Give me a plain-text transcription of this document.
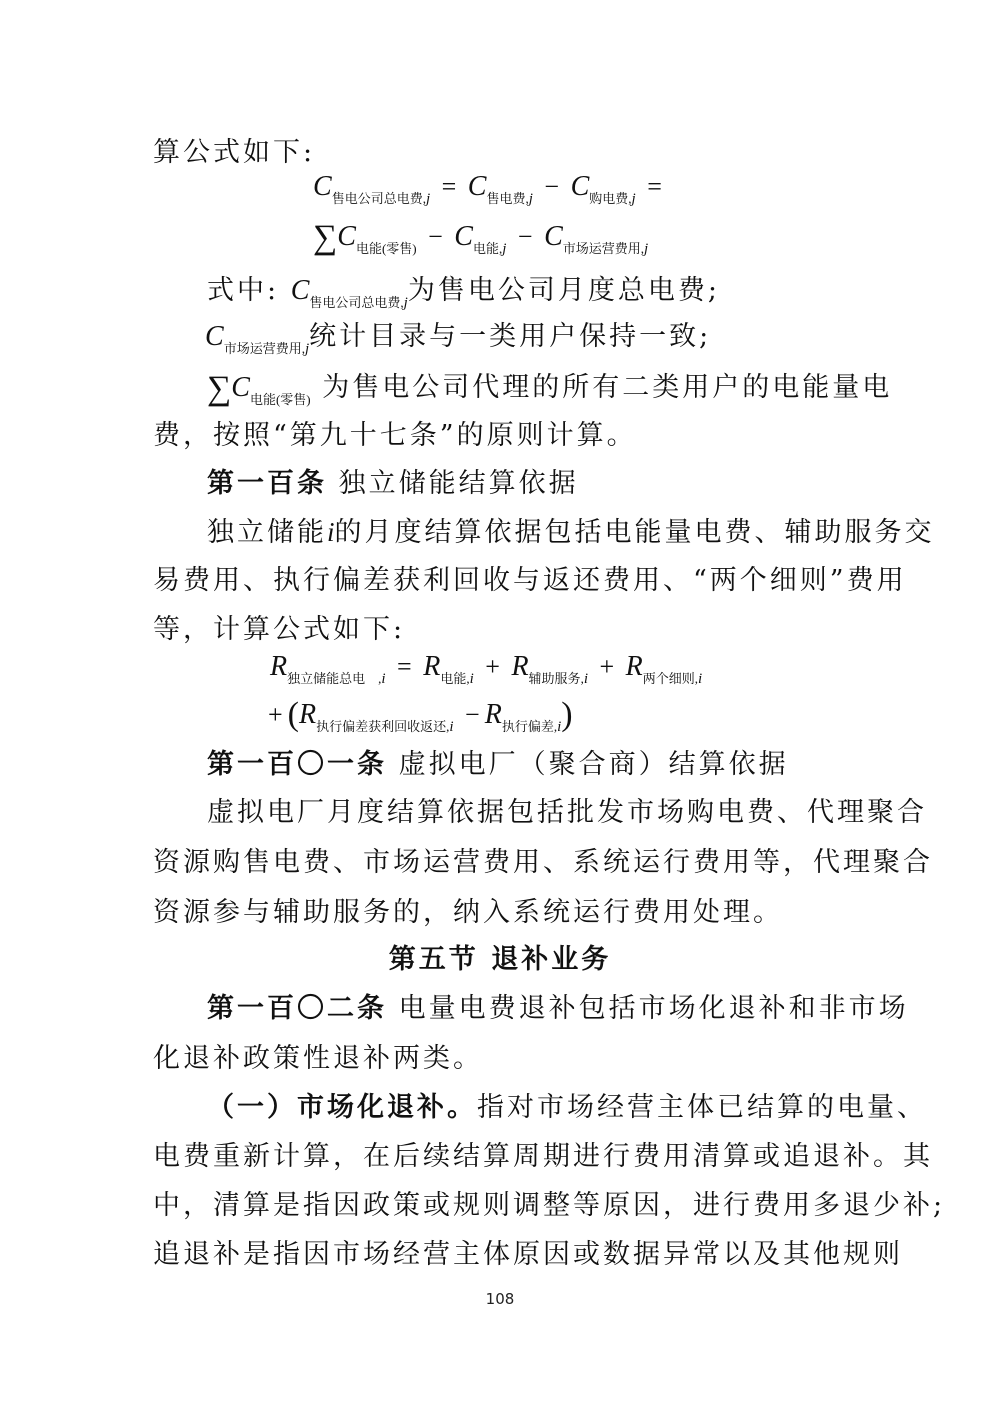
算公式如下:
$C_{售电公司总电费,j} = C_{售电费,j} - C_{购电费,j}$ =
$\sum C_{电能(零售)} - C_{电能,j} - C_{市场运营费用,j}$
式中: $C_{售电公司总电费,j}$为售电公司月度总电费;
$C_{市场运营费用,j}$统计目录与一类用户保持一致;
$\sum C_{电能(零售)}$ 为售电公司代理的所有二类用户的电能量电
费，按照“第九十七条”的原则计算。
第一百条 独立储能结算依据
独立储能i的月度结算依据包括电能量电费、辅助服务交
易费用、执行偏差获利回收与返还费用、“两个细则”费用
等，计算公式如下:
$R_{独立储能总电 ,i} = R_{电能,i} + R_{辅助服务,i} + R_{两个细则,i}$
+ $(R_{执行偏差获利回收返还,i} - R_{执行偏差,i})$
第一百〇一条 虚拟电厂（聚合商）结算依据
虚拟电厂月度结算依据包括批发市场购电费、代理聚合
资源购售电费、市场运营费用、系统运行费用等，代理聚合
资源参与辅助服务的，纳入系统运行费用处理。
第五节 退补业务
第一百〇二条 电量电费退补包括市场化退补和非市场
化退补政策性退补两类。
（一）市场化退补。指对市场经营主体已结算的电量、
电费重新计算，在后续结算周期进行费用清算或追退补。其
中，清算是指因政策或规则调整等原因，进行费用多退少补;
追退补是指因市场经营主体原因或数据异常以及其他规则
108
